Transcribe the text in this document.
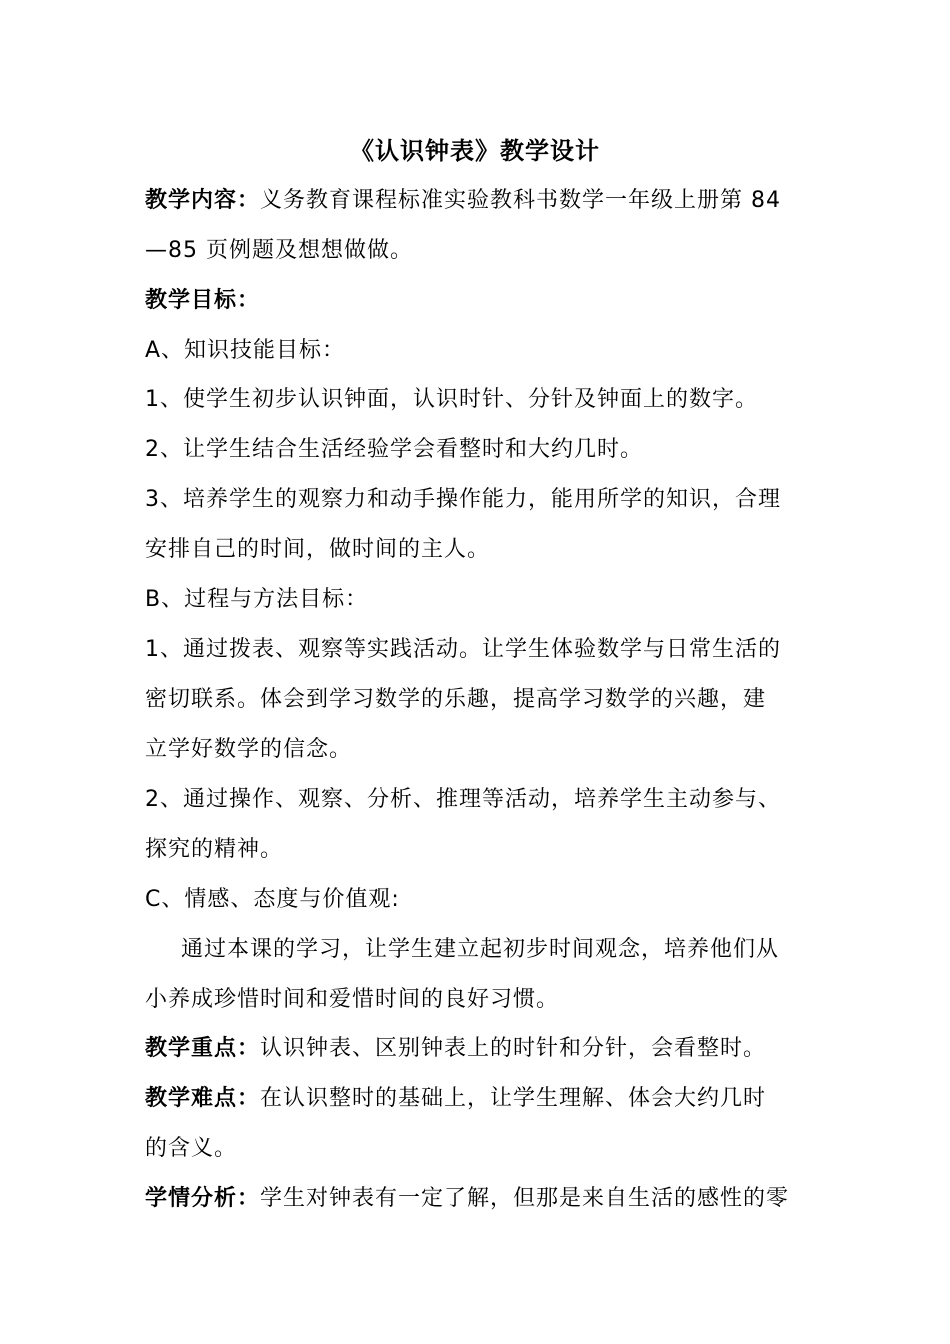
《认识钟表》教学设计
教学内容：义务教育课程标准实验教科书数学一年级上册第 84
—85 页例题及想想做做。
教学目标：
A、知识技能目标：
1、使学生初步认识钟面，认识时针、分针及钟面上的数字。
2、让学生结合生活经验学会看整时和大约几时。
3、培养学生的观察力和动手操作能力，能用所学的知识，合理
安排自己的时间，做时间的主人。
B、过程与方法目标：
1、通过拨表、观察等实践活动。让学生体验数学与日常生活的
密切联系。体会到学习数学的乐趣，提高学习数学的兴趣，建
立学好数学的信念。
2、通过操作、观察、分析、推理等活动，培养学生主动参与、
探究的精神。
C、情感、态度与价值观:
通过本课的学习，让学生建立起初步时间观念，培养他们从
小养成珍惜时间和爱惜时间的良好习惯。
教学重点：认识钟表、区别钟表上的时针和分针，会看整时。
教学难点：在认识整时的基础上，让学生理解、体会大约几时
的含义。
学情分析：学生对钟表有一定了解，但那是来自生活的感性的零
